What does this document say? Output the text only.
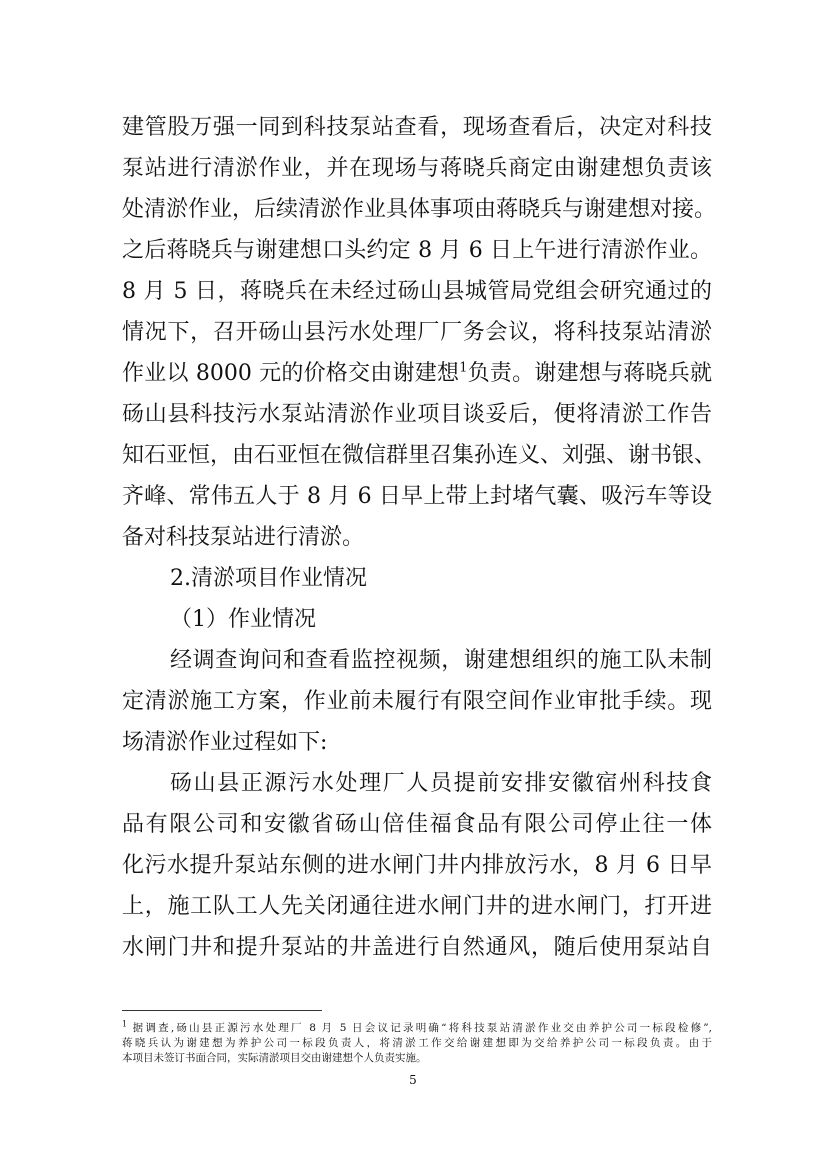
建管股万强一同到科技泵站查看，现场查看后，决定对科技
泵站进行清淤作业，并在现场与蒋晓兵商定由谢建想负责该
处清淤作业，后续清淤作业具体事项由蒋晓兵与谢建想对接。
之后蒋晓兵与谢建想口头约定 8 月 6 日上午进行清淤作业。
8 月 5 日，蒋晓兵在未经过砀山县城管局党组会研究通过的
情况下，召开砀山县污水处理厂厂务会议，将科技泵站清淤
作业以 8000 元的价格交由谢建想$^1$负责。谢建想与蒋晓兵就
砀山县科技污水泵站清淤作业项目谈妥后，便将清淤工作告
知石亚恒，由石亚恒在微信群里召集孙连义、刘强、谢书银、
齐峰、常伟五人于 8 月 6 日早上带上封堵气囊、吸污车等设
备对科技泵站进行清淤。
2.清淤项目作业情况
（1）作业情况
经调查询问和查看监控视频，谢建想组织的施工队未制
定清淤施工方案，作业前未履行有限空间作业审批手续。现
场清淤作业过程如下:
砀山县正源污水处理厂人员提前安排安徽宿州科技食
品有限公司和安徽省砀山倍佳福食品有限公司停止往一体
化污水提升泵站东侧的进水闸门井内排放污水，8 月 6 日早
上，施工队工人先关闭通往进水闸门井的进水闸门，打开进
水闸门井和提升泵站的井盖进行自然通风，随后使用泵站自
$^1$ 据调查,砀山县正源污水处理厂 8 月 5 日会议记录明确“将科技泵站清淤作业交由养护公司一标段检修”,
蒋晓兵认为谢建想为养护公司一标段负责人，将清淤工作交给谢建想即为交给养护公司一标段负责。由于
本项目未签订书面合同，实际清淤项目交由谢建想个人负责实施。
5
